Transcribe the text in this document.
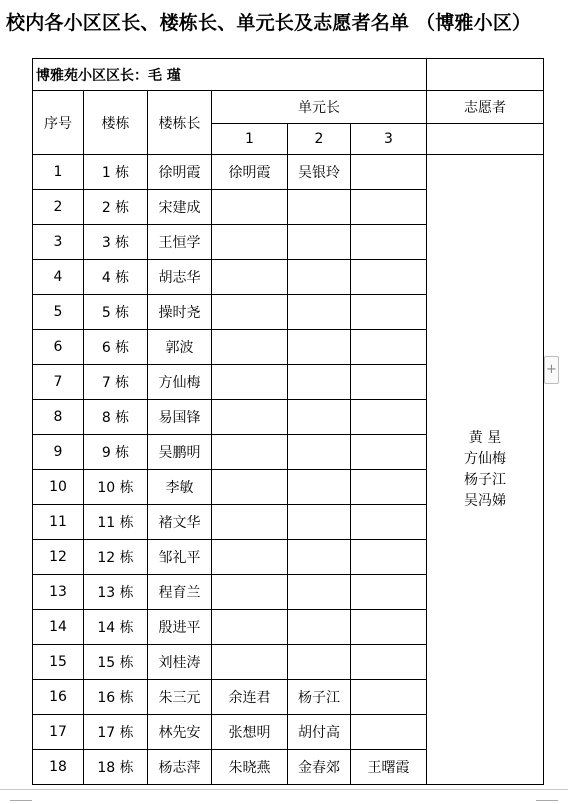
校内各小区区长、楼栋长、单元长及志愿者名单 （博雅小区）
博雅苑小区区长：毛 瑾						
序号	楼栋	楼栋长	单元长			志愿者
			1	2	3	
1	1 栋	徐明霞	徐明霞	吴银玲		黄 星
方仙梅
杨子江
吴冯娣

2	2 栋	宋建成				
3	3 栋	王恒学				
4	4 栋	胡志华				
5	5 栋	操时尧				
6	6 栋	郭波				
7	7 栋	方仙梅				
8	8 栋	易国锋				
9	9 栋	吴鹏明				
10	10 栋	李敏				
11	11 栋	褚文华				
12	12 栋	邹礼平				
13	13 栋	程育兰				
14	14 栋	殷进平				
15	15 栋	刘桂涛				
16	16 栋	朱三元	余连君	杨子江		
17	17 栋	林先安	张想明	胡付高		
18	18 栋	杨志萍	朱晓燕	金春郊	王曙霞	
+
